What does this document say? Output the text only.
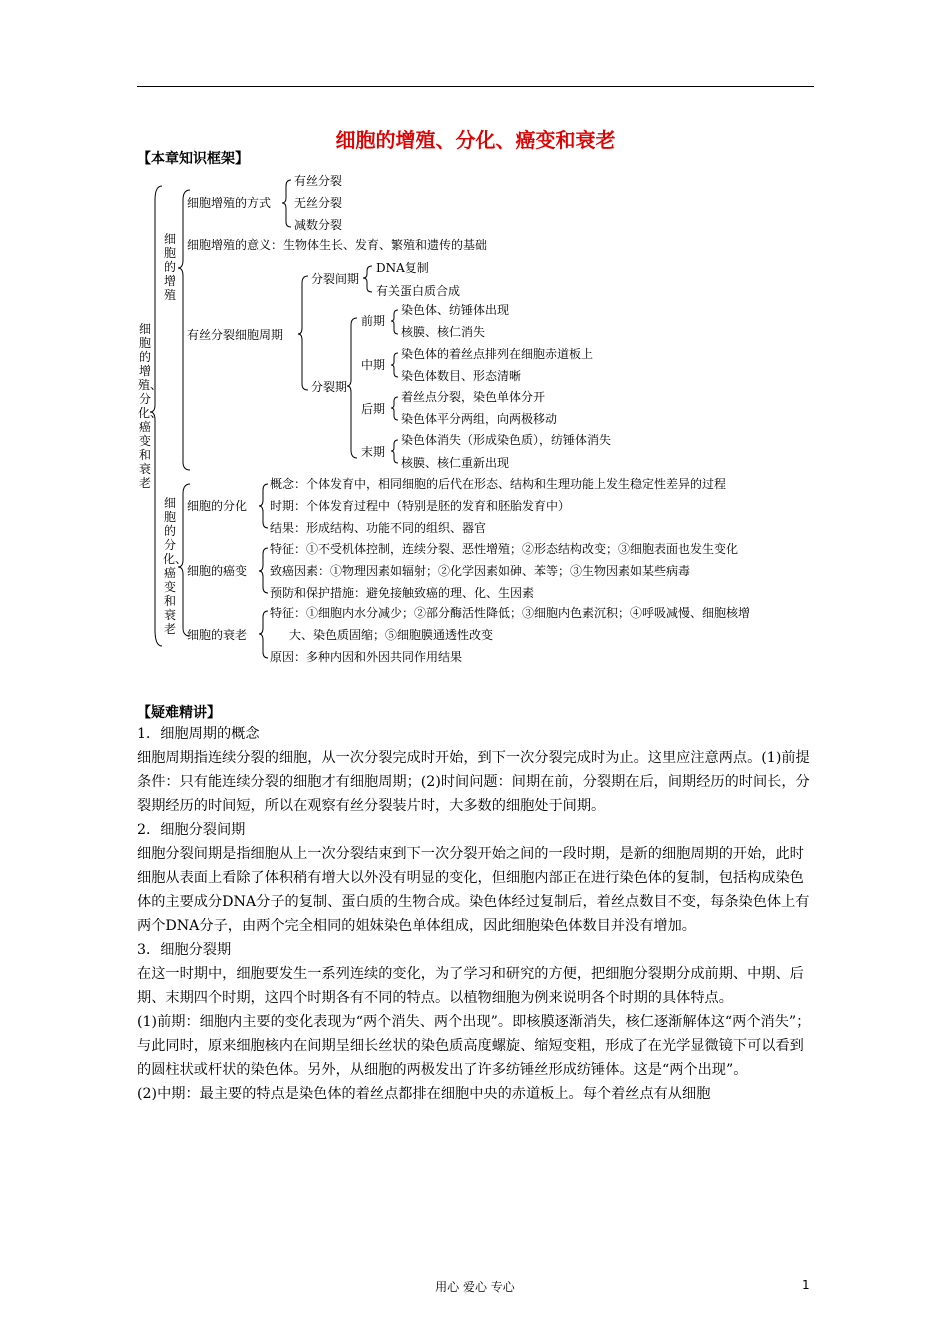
细胞的增殖、分化、癌变和衰老
【本章知识框架】
细胞的增殖、分化、癌变和衰老
细胞的增殖
细胞的分化、癌变和衰老
细胞增殖的方式
有丝分裂
无丝分裂
减数分裂
细胞增殖的意义：生物体生长、发育、繁殖和遗传的基础
有丝分裂细胞周期
分裂间期
DNA复制
有关蛋白质合成
分裂期
前期
染色体、纺锤体出现
核膜、核仁消失
中期
染色体的着丝点排列在细胞赤道板上
染色体数目、形态清晰
后期
着丝点分裂，染色单体分开
染色体平分两组，向两极移动
末期
染色体消失（形成染色质），纺锤体消失
核膜、核仁重新出现
细胞的分化
概念：个体发育中，相同细胞的后代在形态、结构和生理功能上发生稳定性差异的过程
时期：个体发育过程中（特别是胚的发育和胚胎发育中）
结果：形成结构、功能不同的组织、器官
细胞的癌变
特征：①不受机体控制，连续分裂、恶性增殖；②形态结构改变；③细胞表面也发生变化
致癌因素：①物理因素如辐射；②化学因素如砷、苯等；③生物因素如某些病毒
预防和保护措施：避免接触致癌的理、化、生因素
细胞的衰老
特征：①细胞内水分减少；②部分酶活性降低；③细胞内色素沉积；④呼吸减慢、细胞核增
大、染色质固缩；⑤细胞膜通透性改变
原因：多种内因和外因共同作用结果
【疑难精讲】

1．细胞周期的概念

细胞周期指连续分裂的细胞，从一次分裂完成时开始，到下一次分裂完成时为止。这里应注意两点。(1)前提条件：只有能连续分裂的细胞才有细胞周期；(2)时间问题：间期在前，分裂期在后，间期经历的时间长，分裂期经历的时间短，所以在观察有丝分裂装片时，大多数的细胞处于间期。

2．细胞分裂间期

细胞分裂间期是指细胞从上一次分裂结束到下一次分裂开始之间的一段时期，是新的细胞周期的开始，此时细胞从表面上看除了体积稍有增大以外没有明显的变化，但细胞内部正在进行染色体的复制，包括构成染色体的主要成分DNA分子的复制、蛋白质的生物合成。染色体经过复制后，着丝点数目不变，每条染色体上有两个DNA分子，由两个完全相同的姐妹染色单体组成，因此细胞染色体数目并没有增加。

3．细胞分裂期

在这一时期中，细胞要发生一系列连续的变化，为了学习和研究的方便，把细胞分裂期分成前期、中期、后期、末期四个时期，这四个时期各有不同的特点。以植物细胞为例来说明各个时期的具体特点。

(1)前期：细胞内主要的变化表现为“两个消失、两个出现”。即核膜逐渐消失，核仁逐渐解体这“两个消失”；与此同时，原来细胞核内在间期呈细长丝状的染色质高度螺旋、缩短变粗，形成了在光学显微镜下可以看到的圆柱状或杆状的染色体。另外，从细胞的两极发出了许多纺锤丝形成纺锤体。这是“两个出现”。

(2)中期：最主要的特点是染色体的着丝点都排在细胞中央的赤道板上。每个着丝点有从细胞

用心 爱心 专心	1
